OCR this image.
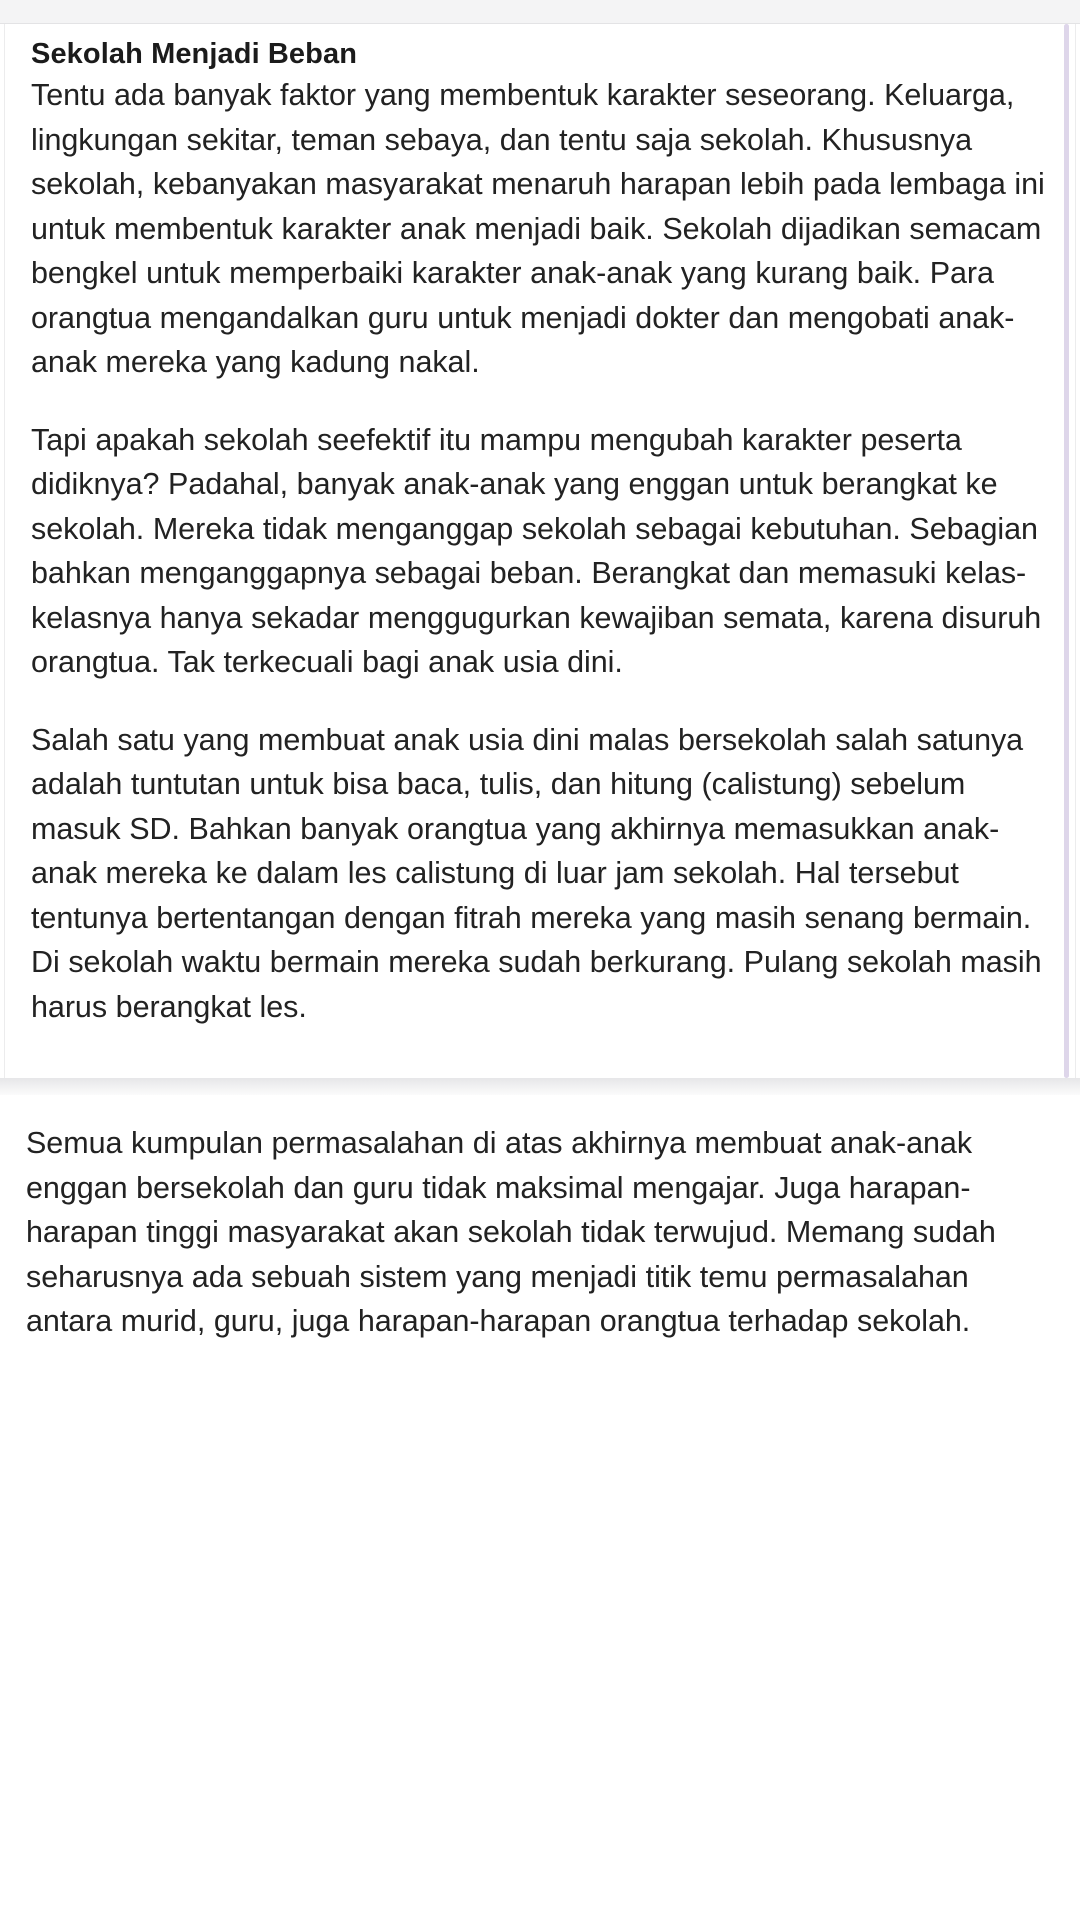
Sekolah Menjadi Beban

Tentu ada banyak faktor yang membentuk karakter seseorang. Keluarga, lingkungan sekitar, teman sebaya, dan tentu saja sekolah. Khususnya sekolah, kebanyakan masyarakat menaruh harapan lebih pada lembaga ini untuk membentuk karakter anak menjadi baik. Sekolah dijadikan semacam bengkel untuk memperbaiki karakter anak-anak yang kurang baik. Para orangtua mengandalkan guru untuk menjadi dokter dan mengobati anak-anak mereka yang kadung nakal.

Tapi apakah sekolah seefektif itu mampu mengubah karakter peserta didiknya? Padahal, banyak anak-anak yang enggan untuk berangkat ke sekolah. Mereka tidak menganggap sekolah sebagai kebutuhan. Sebagian bahkan menganggapnya sebagai beban. Berangkat dan memasuki kelas-kelasnya hanya sekadar menggugurkan kewajiban semata, karena disuruh orangtua. Tak terkecuali bagi anak usia dini.

Salah satu yang membuat anak usia dini malas bersekolah salah satunya adalah tuntutan untuk bisa baca, tulis, dan hitung (calistung) sebelum masuk SD. Bahkan banyak orangtua yang akhirnya memasukkan anak-anak mereka ke dalam les calistung di luar jam sekolah. Hal tersebut tentunya bertentangan dengan fitrah mereka yang masih senang bermain. Di sekolah waktu bermain mereka sudah berkurang. Pulang sekolah masih harus berangkat les.

Semua kumpulan permasalahan di atas akhirnya membuat anak-anak enggan bersekolah dan guru tidak maksimal mengajar. Juga harapan-harapan tinggi masyarakat akan sekolah tidak terwujud. Memang sudah seharusnya ada sebuah sistem yang menjadi titik temu permasalahan antara murid, guru, juga harapan-harapan orangtua terhadap sekolah.
